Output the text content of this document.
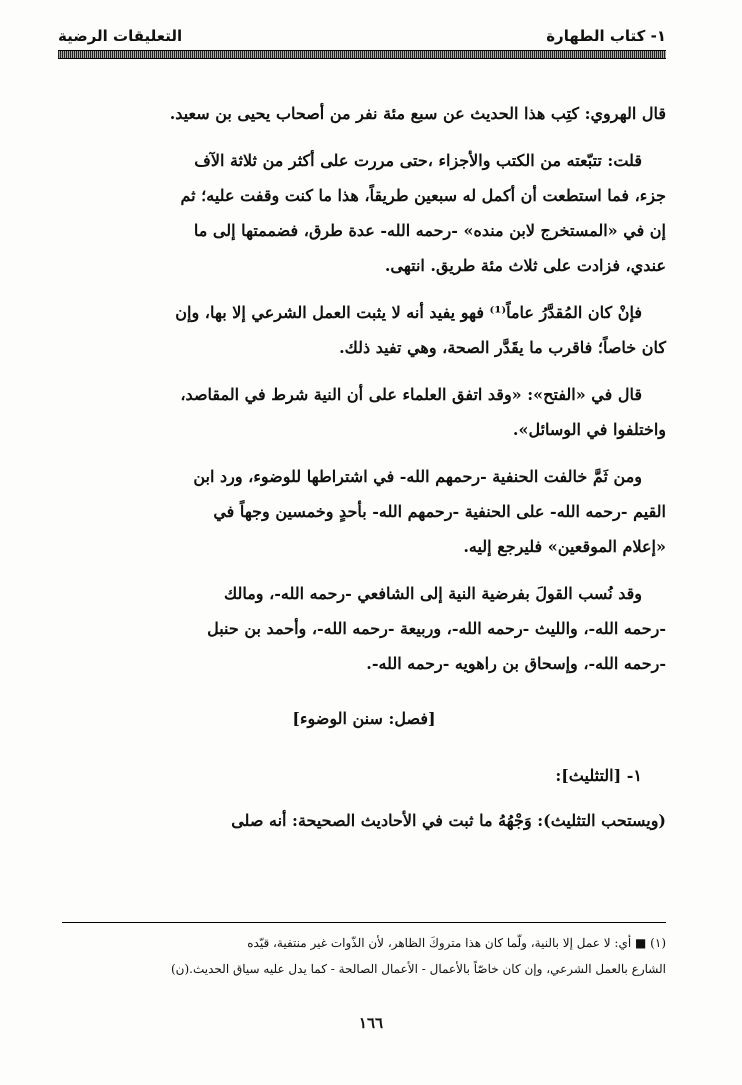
التعليقات الرضية	١- كتاب الطهارة

قال الهروي: كتِب هذا الحديث عن سبع مئة نفر من أصحاب يحيى بن سعيد.

قلت: تتبّعته من الكتب والأجزاء ،حتى مررت على أكثر من ثلاثة الآف
جزء، فما استطعت أن أكمل له سبعين طريقاً، هذا ما كنت وقفت عليه؛ ثم
إن في «المستخرج لابن منده» -رحمه الله- عدة طرق، فضممتها إلى ما
عندي، فزادت على ثلاث مئة طريق. انتهى.

فإنْ كان المُقدَّرُ عاماً⁽¹⁾ فهو يفيد أنه لا يثبت العمل الشرعي إلا بها، وإن
كان خاصاً؛ فاقرب ما يقَدَّر الصحة، وهي تفيد ذلك.

قال في «الفتح»: «وقد اتفق العلماء على أن النية شرط في المقاصد،
واختلفوا في الوسائل».

ومن ثَمَّ خالفت الحنفية -رحمهم الله- في اشتراطها للوضوء، ورد ابن
القيم -رحمه الله- على الحنفية -رحمهم الله- بأحدٍ وخمسين وجهاً في
«إعلام الموقعين» فليرجع إليه.

وقد نُسب القولَ بفرضية النية إلى الشافعي -رحمه الله-، ومالك
-رحمه الله-، والليث -رحمه الله-، وربيعة -رحمه الله-، وأحمد بن حنبل
-رحمه الله-، وإسحاق بن راهويه -رحمه الله-.

[فصل: سنن الوضوء]
١- [التثليث]:
(ويستحب التثليث): وَجْهُهُ ما ثبت في الأحاديث الصحيحة: أنه صلى
(١) ■ أي: لا عمل إلا بالنية، ولّما كان هذا متروكَ الظاهر، لأن الذّوات غير منتفية، قيّده
الشارع بالعمل الشرعي، وإن كان خاصّاً بالأعمال - الأعمال الصالحة - كما يدل عليه سياق الحديث.(ن)
١٦٦
